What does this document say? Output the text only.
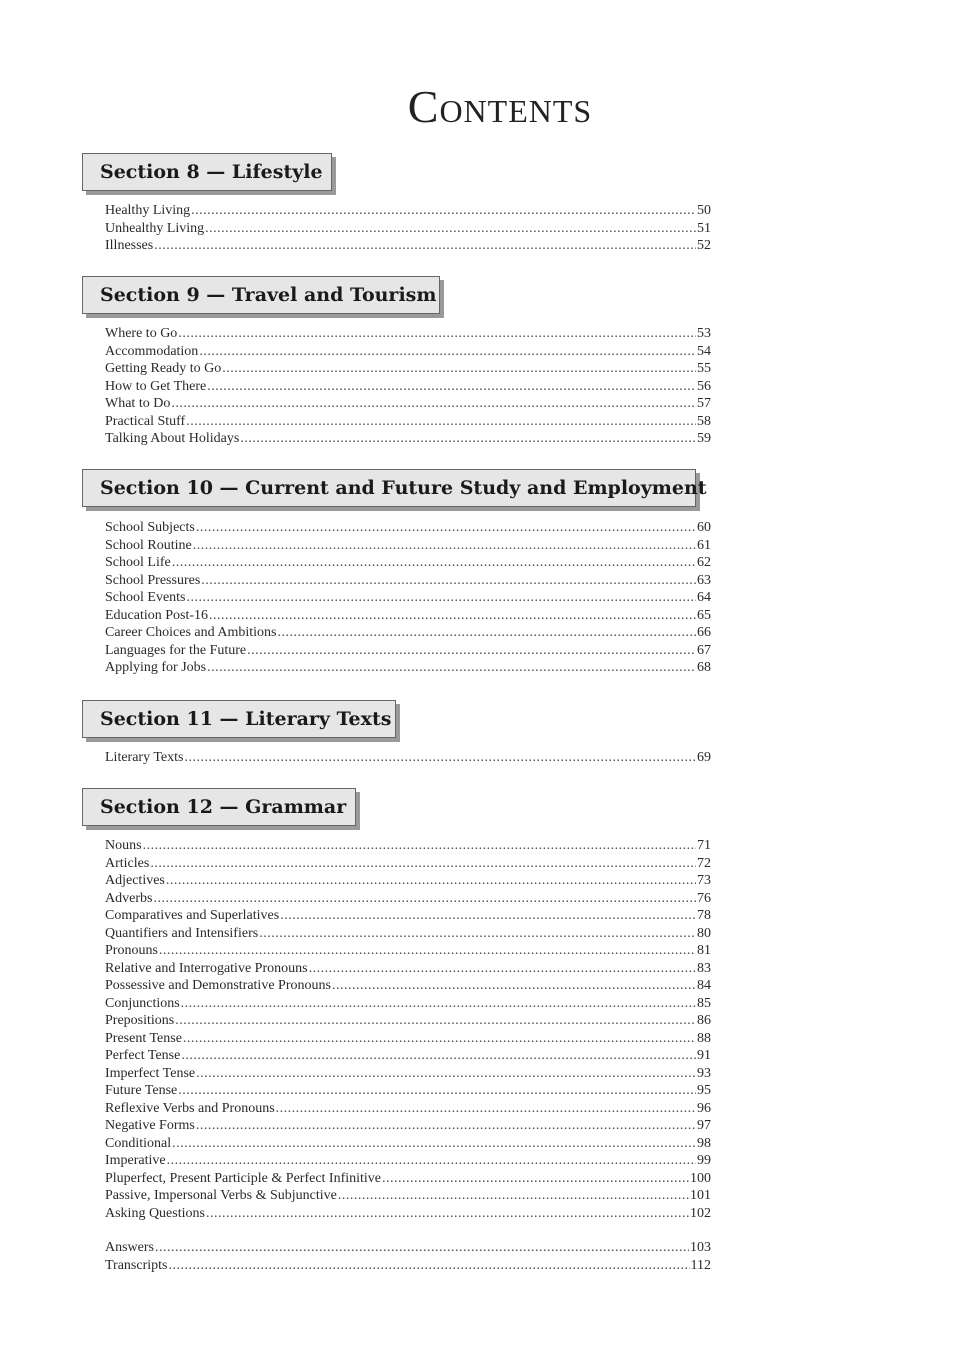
Contents
Section 8 — Lifestyle
Healthy Living .....	50
Unhealthy Living .....	51
Illnesses .....	52
Section 9 — Travel and Tourism
Where to Go .....	53
Accommodation .....	54
Getting Ready to Go .....	55
How to Get There .....	56
What to Do .....	57
Practical Stuff .....	58
Talking About Holidays .....	59
Section 10 — Current and Future Study and Employment
School Subjects .....	60
School Routine .....	61
School Life .....	62
School Pressures .....	63
School Events .....	64
Education Post-16 .....	65
Career Choices and Ambitions .....	66
Languages for the Future .....	67
Applying for Jobs .....	68
Section 11 — Literary Texts
Literary Texts .....	69
Section 12 — Grammar
Nouns .....	71
Articles .....	72
Adjectives .....	73
Adverbs .....	76
Comparatives and Superlatives .....	78
Quantifiers and Intensifiers .....	80
Pronouns .....	81
Relative and Interrogative Pronouns .....	83
Possessive and Demonstrative Pronouns .....	84
Conjunctions .....	85
Prepositions .....	86
Present Tense .....	88
Perfect Tense .....	91
Imperfect Tense .....	93
Future Tense .....	95
Reflexive Verbs and Pronouns .....	96
Negative Forms .....	97
Conditional .....	98
Imperative .....	99
Pluperfect, Present Participle & Perfect Infinitive .....	100
Passive, Impersonal Verbs & Subjunctive .....	101
Asking Questions .....	102
Answers .....	103
Transcripts .....	112
